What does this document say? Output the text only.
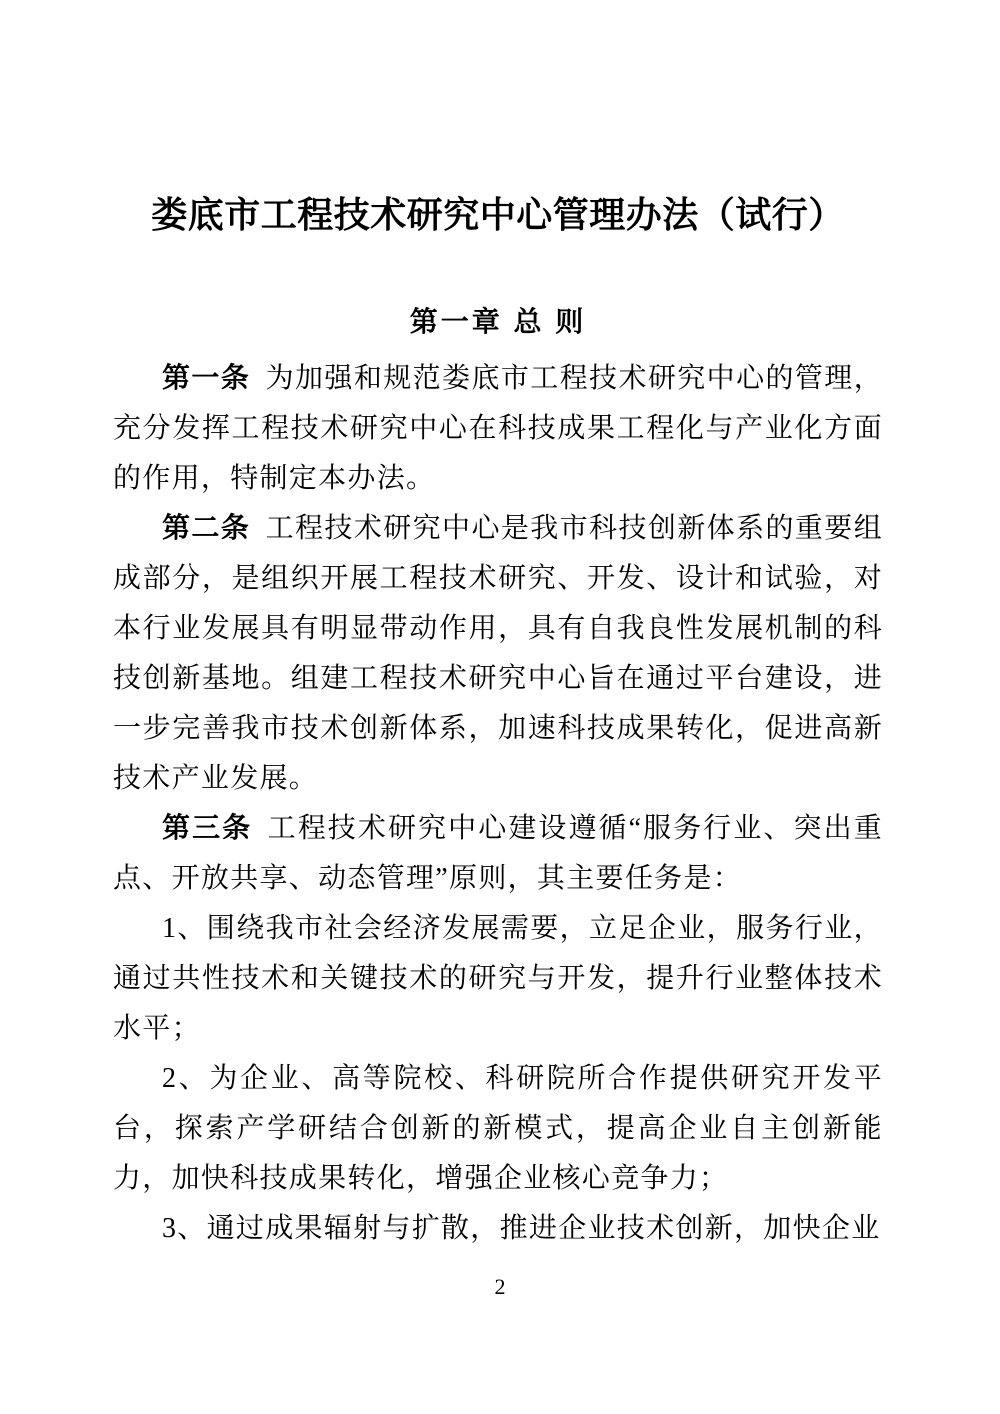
娄底市工程技术研究中心管理办法（试行）
第一章 总 则

第一条 为加强和规范娄底市工程技术研究中心的管理，充分发挥工程技术研究中心在科技成果工程化与产业化方面的作用，特制定本办法。

第二条 工程技术研究中心是我市科技创新体系的重要组成部分，是组织开展工程技术研究、开发、设计和试验，对本行业发展具有明显带动作用，具有自我良性发展机制的科技创新基地。组建工程技术研究中心旨在通过平台建设，进一步完善我市技术创新体系，加速科技成果转化，促进高新技术产业发展。

第三条 工程技术研究中心建设遵循“服务行业、突出重点、开放共享、动态管理”原则，其主要任务是：

1、围绕我市社会经济发展需要，立足企业，服务行业，通过共性技术和关键技术的研究与开发，提升行业整体技术水平；

2、为企业、高等院校、科研院所合作提供研究开发平台，探索产学研结合创新的新模式，提高企业自主创新能力，加快科技成果转化，增强企业核心竞争力；

3、通过成果辐射与扩散，推进企业技术创新，加快企业

2
